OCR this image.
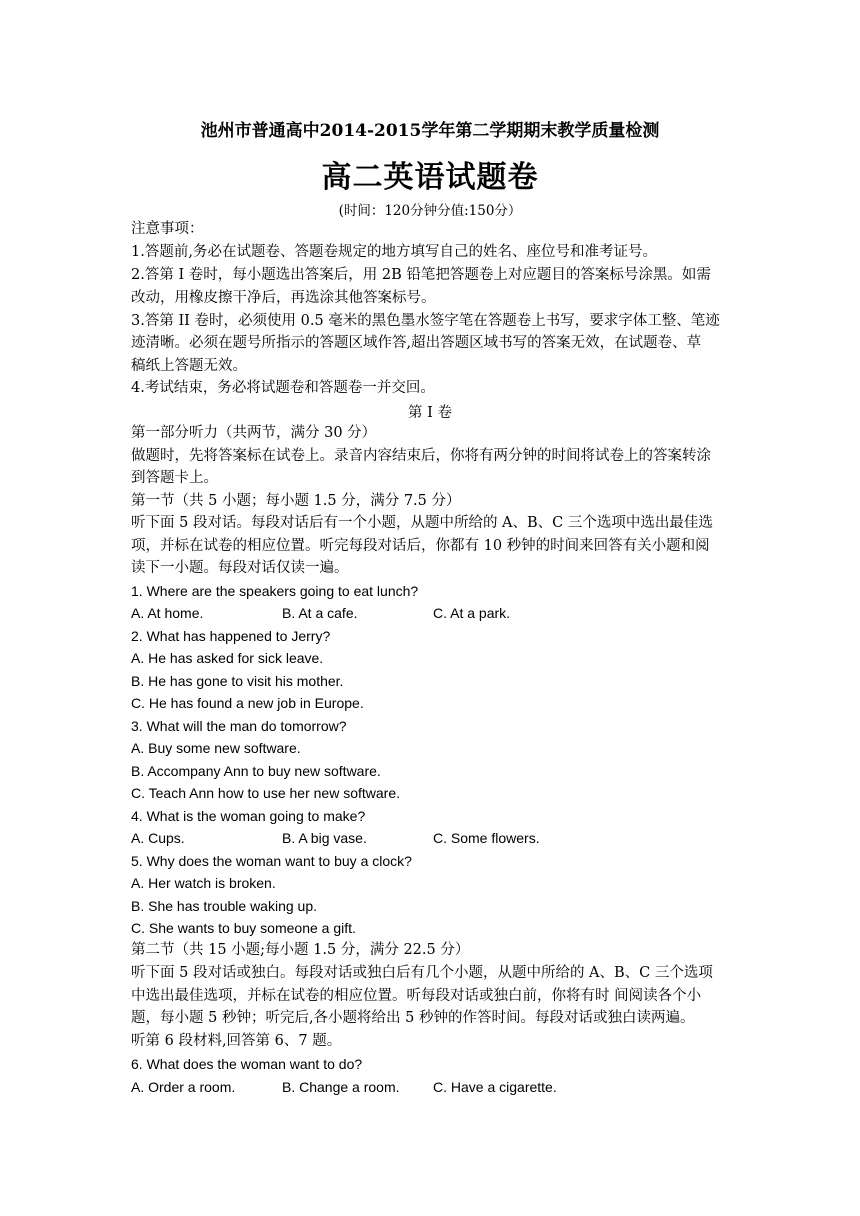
池州市普通高中2014-2015学年第二学期期末教学质量检测
高二英语试题卷
(时间：120分钟分值:150分）
注意事项：
1.答题前,务必在试题卷、答题卷规定的地方填写自己的姓名、座位号和准考证号。
2.答第 I 卷时，每小题选出答案后，用 2B 铅笔把答题卷上对应题目的答案标号涂黑。如需
改动，用橡皮擦干净后，再选涂其他答案标号。
3.答第 II 卷时，必须使用 0.5 毫米的黑色墨水签字笔在答题卷上书写，要求字体工整、笔迹
迹清晰。必须在题号所指示的答题区域作答,超出答题区域书写的答案无效，在试题卷、草
稿纸上答题无效。
4.考试结束，务必将试题卷和答题卷一并交回。
第 I 卷
第一部分听力（共两节，满分 30 分）
做题时，先将答案标在试卷上。录音内容结束后，你将有两分钟的时间将试卷上的答案转涂
到答题卡上。
第一节（共 5 小题；每小题 1.5 分，满分 7.5 分）
听下面 5 段对话。每段对话后有一个小题，从题中所给的 A、B、C 三个选项中选出最佳选
项，并标在试卷的相应位置。听完每段对话后，你都有 10 秒钟的时间来回答有关小题和阅
读下一小题。每段对话仅读一遍。
1. Where are the speakers going to eat lunch?
A. At home.	B. At a cafe.	C. At a park.
2. What has happened to Jerry?
A. He has asked for sick leave.
B. He has gone to visit his mother.
C. He has found a new job in Europe.
3. What will the man do tomorrow?
A. Buy some new software.
B. Accompany Ann to buy new software.
C. Teach Ann how to use her new software.
4. What is the woman going to make?
A. Cups.	B. A big vase.	C. Some flowers.
5. Why does the woman want to buy a clock?
A. Her watch is broken.
B. She has trouble waking up.
C. She wants to buy someone a gift.
第二节（共 15 小题;每小题 1.5 分，满分 22.5 分）
听下面 5 段对话或独白。每段对话或独白后有几个小题，从题中所给的 A、B、C 三个选项
中选出最佳选项，并标在试卷的相应位置。听每段对话或独白前，你将有时 间阅读各个小
题，每小题 5 秒钟；听完后,各小题将给出 5 秒钟的作答时间。每段对话或独白读两遍。
听第 6 段材料,回答第 6、7 题。
6. What does the woman want to do?
A. Order a room.	B. Change a room. C. Have a cigarette.
